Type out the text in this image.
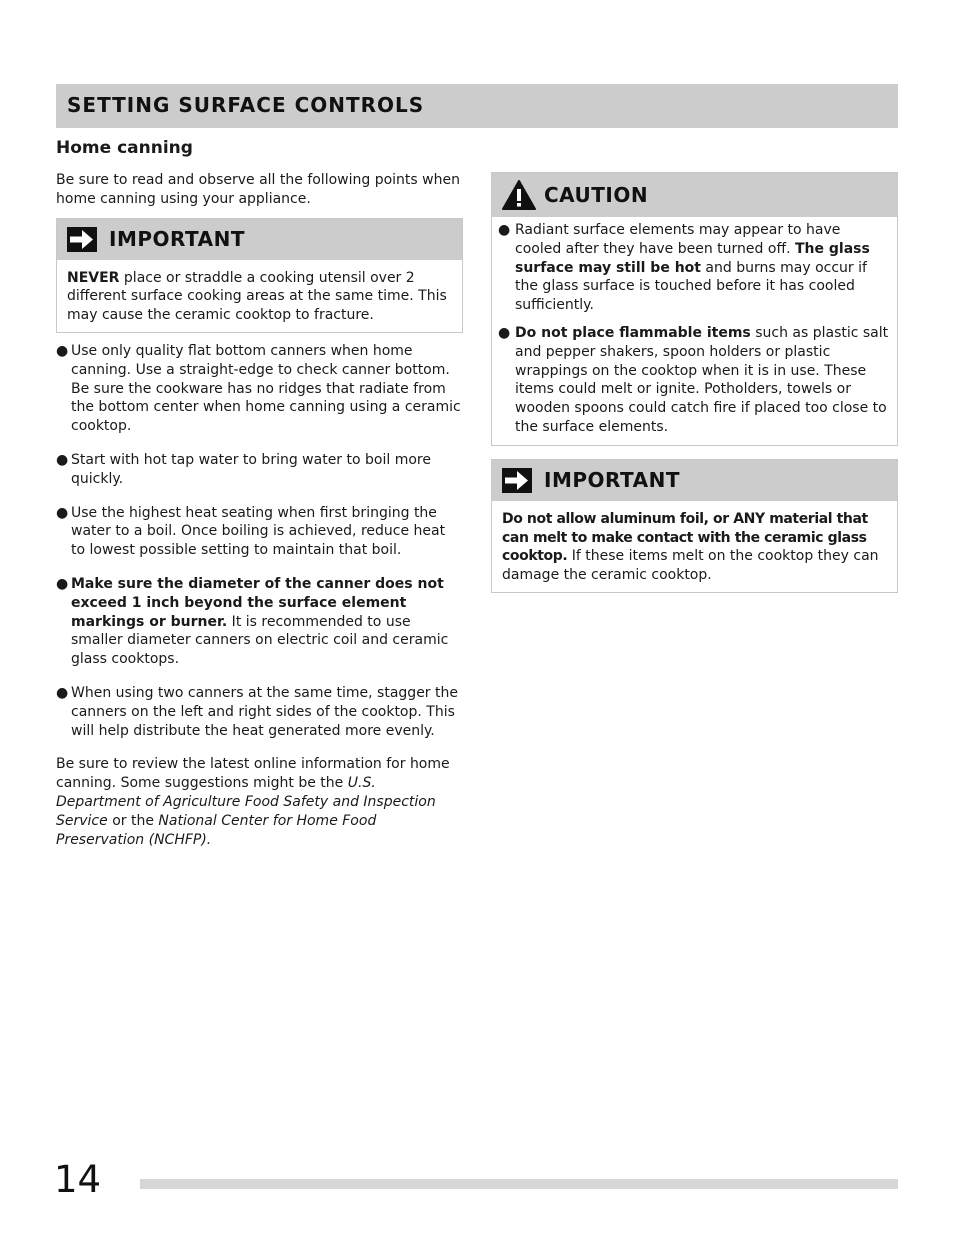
SETTING SURFACE CONTROLS
Home canning

Be sure to read and observe all the following points when home canning using your appliance.

IMPORTANT
NEVER place or straddle a cooking utensil over 2 different surface cooking areas at the same time. This may cause the ceramic cooktop to fracture.
● Use only quality flat bottom canners when home canning. Use a straight-edge to check canner bottom. Be sure the cookware has no ridges that radiate from the bottom center when home canning using a ceramic cooktop.
● Start with hot tap water to bring water to boil more quickly.
● Use the highest heat seating when first bringing the water to a boil. Once boiling is achieved, reduce heat to lowest possible setting to maintain that boil.
● Make sure the diameter of the canner does not exceed 1 inch beyond the surface element markings or burner. It is recommended to use smaller diameter canners on electric coil and ceramic glass cooktops.
● When using two canners at the same time, stagger the canners on the left and right sides of the cooktop. This will help distribute the heat generated more evenly.

Be sure to review the latest online information for home canning. Some suggestions might be the U.S. Department of Agriculture Food Safety and Inspection Service or the National Center for Home Food Preservation (NCHFP).

CAUTION
● Radiant surface elements may appear to have cooled after they have been turned off. The glass surface may still be hot and burns may occur if the glass surface is touched before it has cooled sufficiently.
● Do not place flammable items such as plastic salt and pepper shakers, spoon holders or plastic wrappings on the cooktop when it is in use. These items could melt or ignite. Potholders, towels or wooden spoons could catch fire if placed too close to the surface elements.
IMPORTANT
Do not allow aluminum foil, or ANY material that can melt to make contact with the ceramic glass cooktop. If these items melt on the cooktop they can damage the ceramic cooktop.
14
